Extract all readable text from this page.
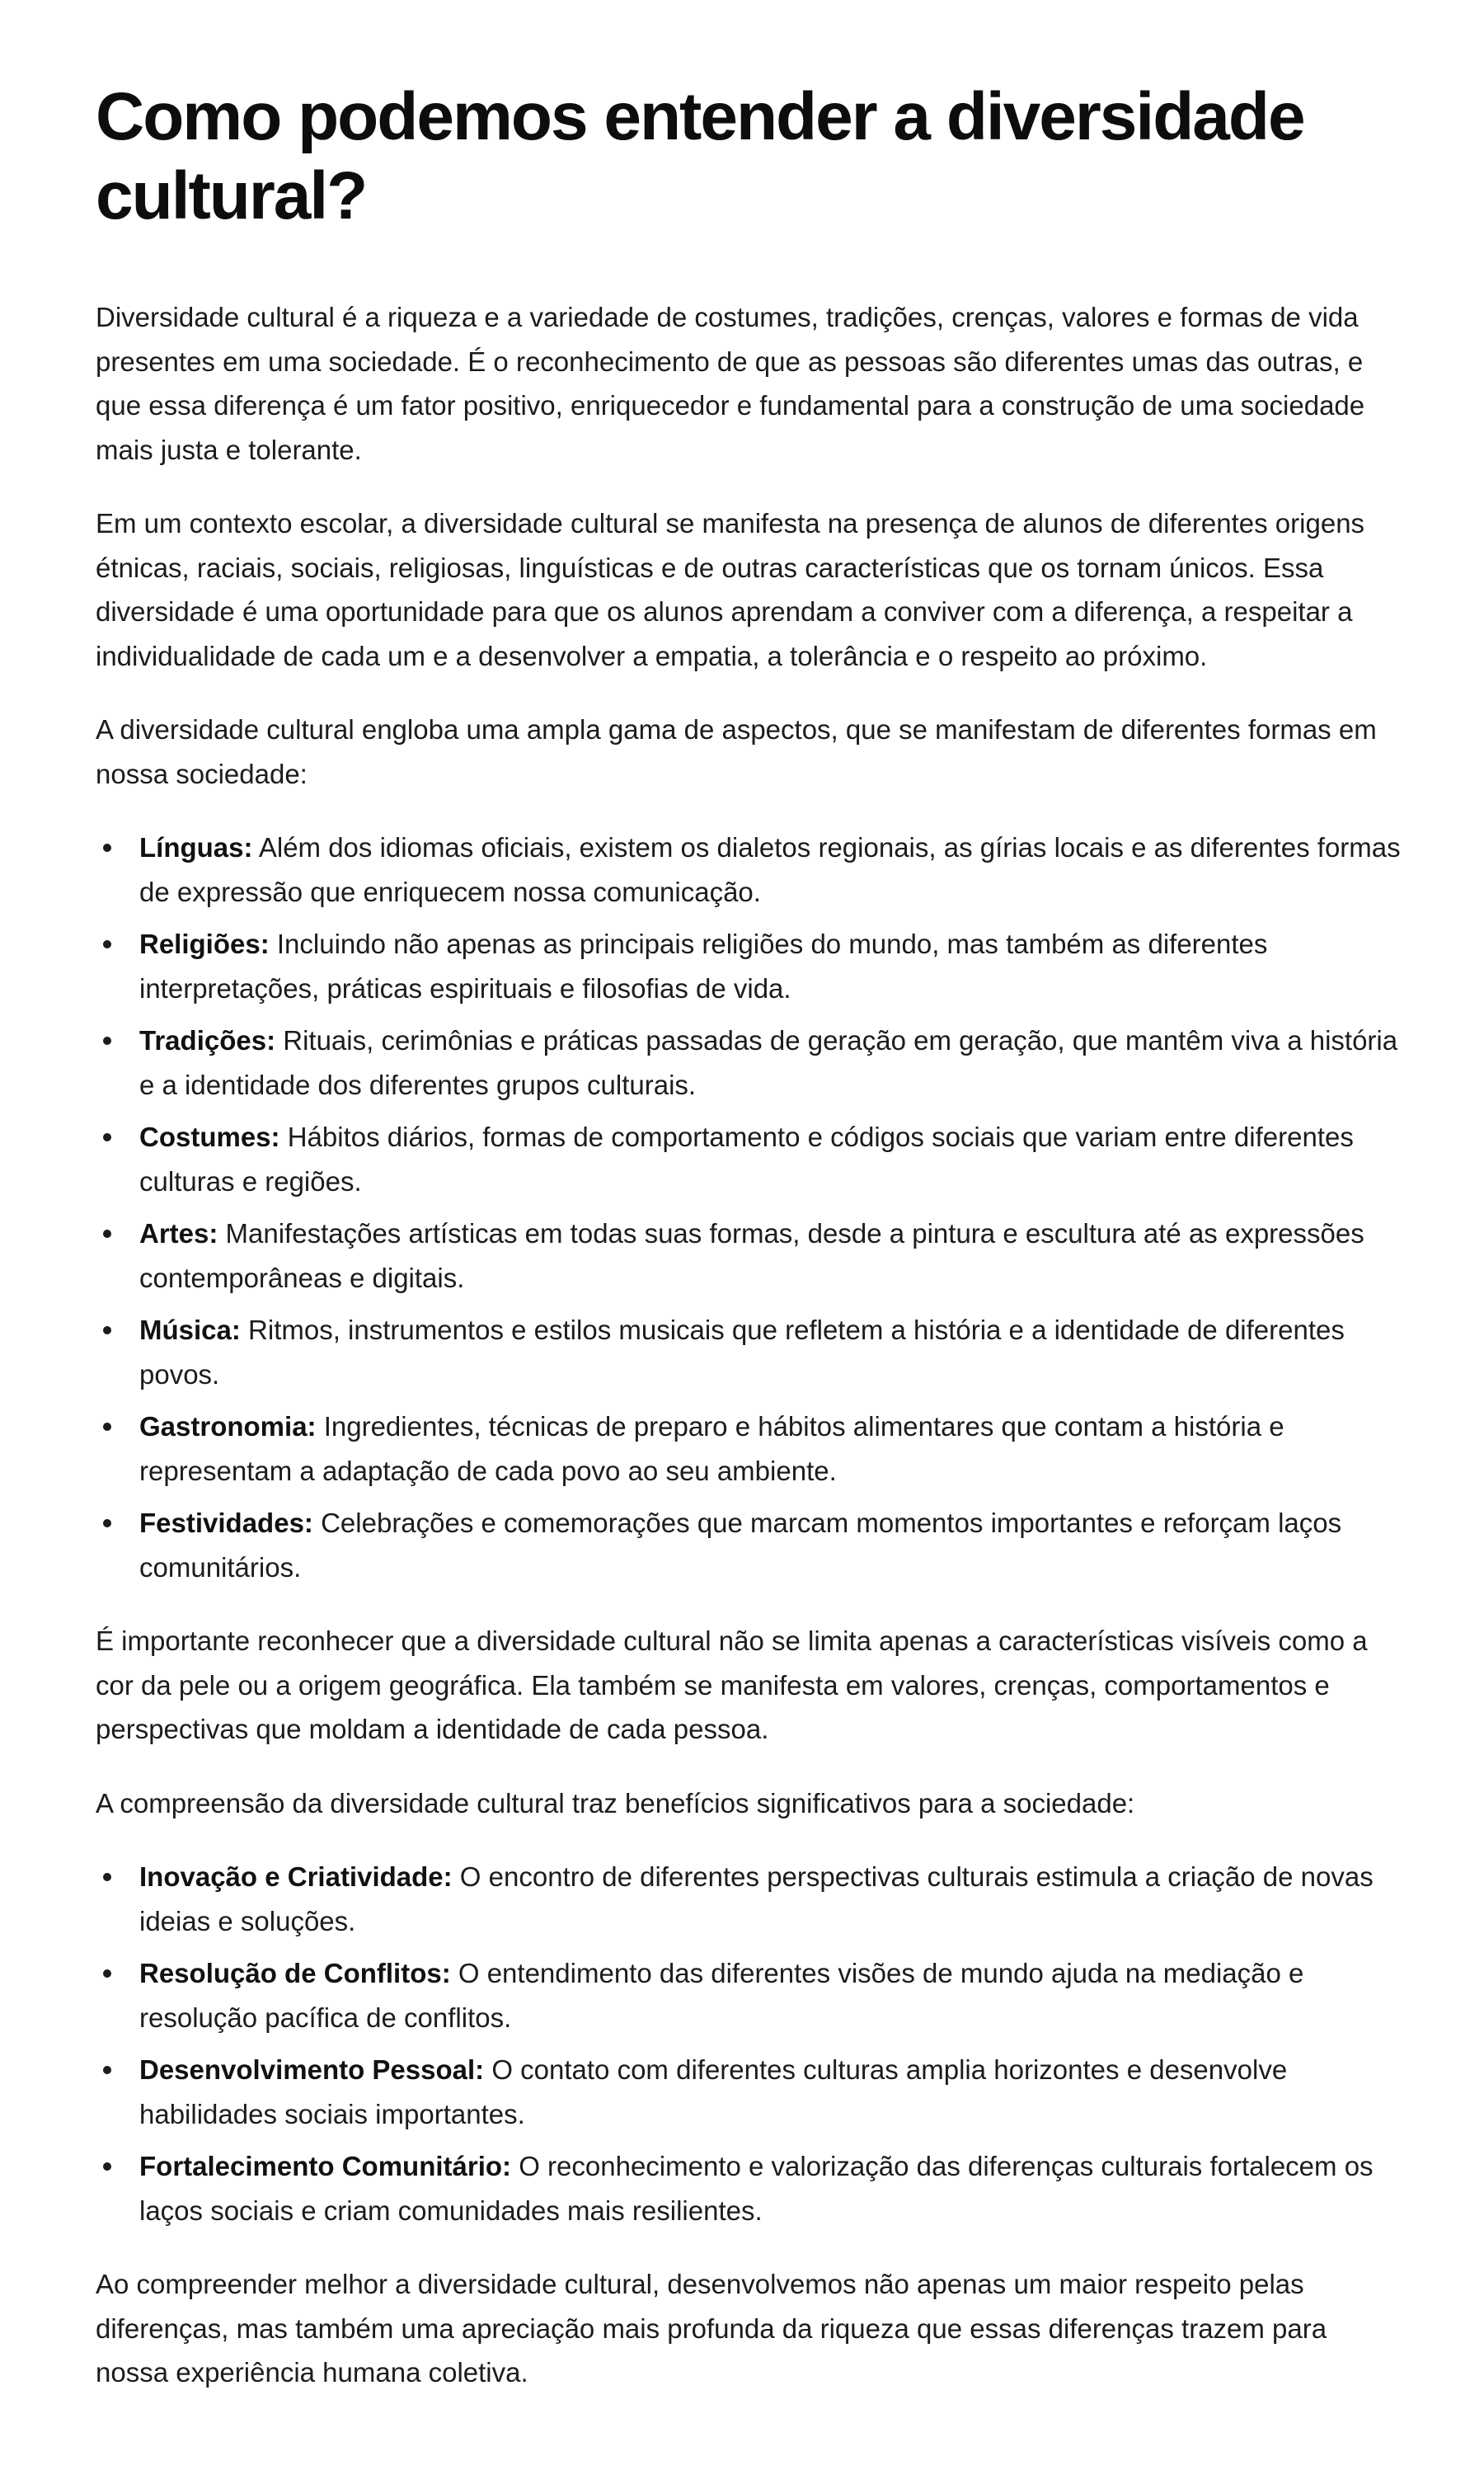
Como podemos entender a diversidade cultural?

Diversidade cultural é a riqueza e a variedade de costumes, tradições, crenças, valores e formas de vida presentes em uma sociedade. É o reconhecimento de que as pessoas são diferentes umas das outras, e que essa diferença é um fator positivo, enriquecedor e fundamental para a construção de uma sociedade mais justa e tolerante.

Em um contexto escolar, a diversidade cultural se manifesta na presença de alunos de diferentes origens étnicas, raciais, sociais, religiosas, linguísticas e de outras características que os tornam únicos. Essa diversidade é uma oportunidade para que os alunos aprendam a conviver com a diferença, a respeitar a individualidade de cada um e a desenvolver a empatia, a tolerância e o respeito ao próximo.

A diversidade cultural engloba uma ampla gama de aspectos, que se manifestam de diferentes formas em nossa sociedade:

Línguas: Além dos idiomas oficiais, existem os dialetos regionais, as gírias locais e as diferentes formas de expressão que enriquecem nossa comunicação.
Religiões: Incluindo não apenas as principais religiões do mundo, mas também as diferentes interpretações, práticas espirituais e filosofias de vida.
Tradições: Rituais, cerimônias e práticas passadas de geração em geração, que mantêm viva a história e a identidade dos diferentes grupos culturais.
Costumes: Hábitos diários, formas de comportamento e códigos sociais que variam entre diferentes culturas e regiões.
Artes: Manifestações artísticas em todas suas formas, desde a pintura e escultura até as expressões contemporâneas e digitais.
Música: Ritmos, instrumentos e estilos musicais que refletem a história e a identidade de diferentes povos.
Gastronomia: Ingredientes, técnicas de preparo e hábitos alimentares que contam a história e representam a adaptação de cada povo ao seu ambiente.
Festividades: Celebrações e comemorações que marcam momentos importantes e reforçam laços comunitários.

É importante reconhecer que a diversidade cultural não se limita apenas a características visíveis como a cor da pele ou a origem geográfica. Ela também se manifesta em valores, crenças, comportamentos e perspectivas que moldam a identidade de cada pessoa.

A compreensão da diversidade cultural traz benefícios significativos para a sociedade:

Inovação e Criatividade: O encontro de diferentes perspectivas culturais estimula a criação de novas ideias e soluções.
Resolução de Conflitos: O entendimento das diferentes visões de mundo ajuda na mediação e resolução pacífica de conflitos.
Desenvolvimento Pessoal: O contato com diferentes culturas amplia horizontes e desenvolve habilidades sociais importantes.
Fortalecimento Comunitário: O reconhecimento e valorização das diferenças culturais fortalecem os laços sociais e criam comunidades mais resilientes.

Ao compreender melhor a diversidade cultural, desenvolvemos não apenas um maior respeito pelas diferenças, mas também uma apreciação mais profunda da riqueza que essas diferenças trazem para nossa experiência humana coletiva.
